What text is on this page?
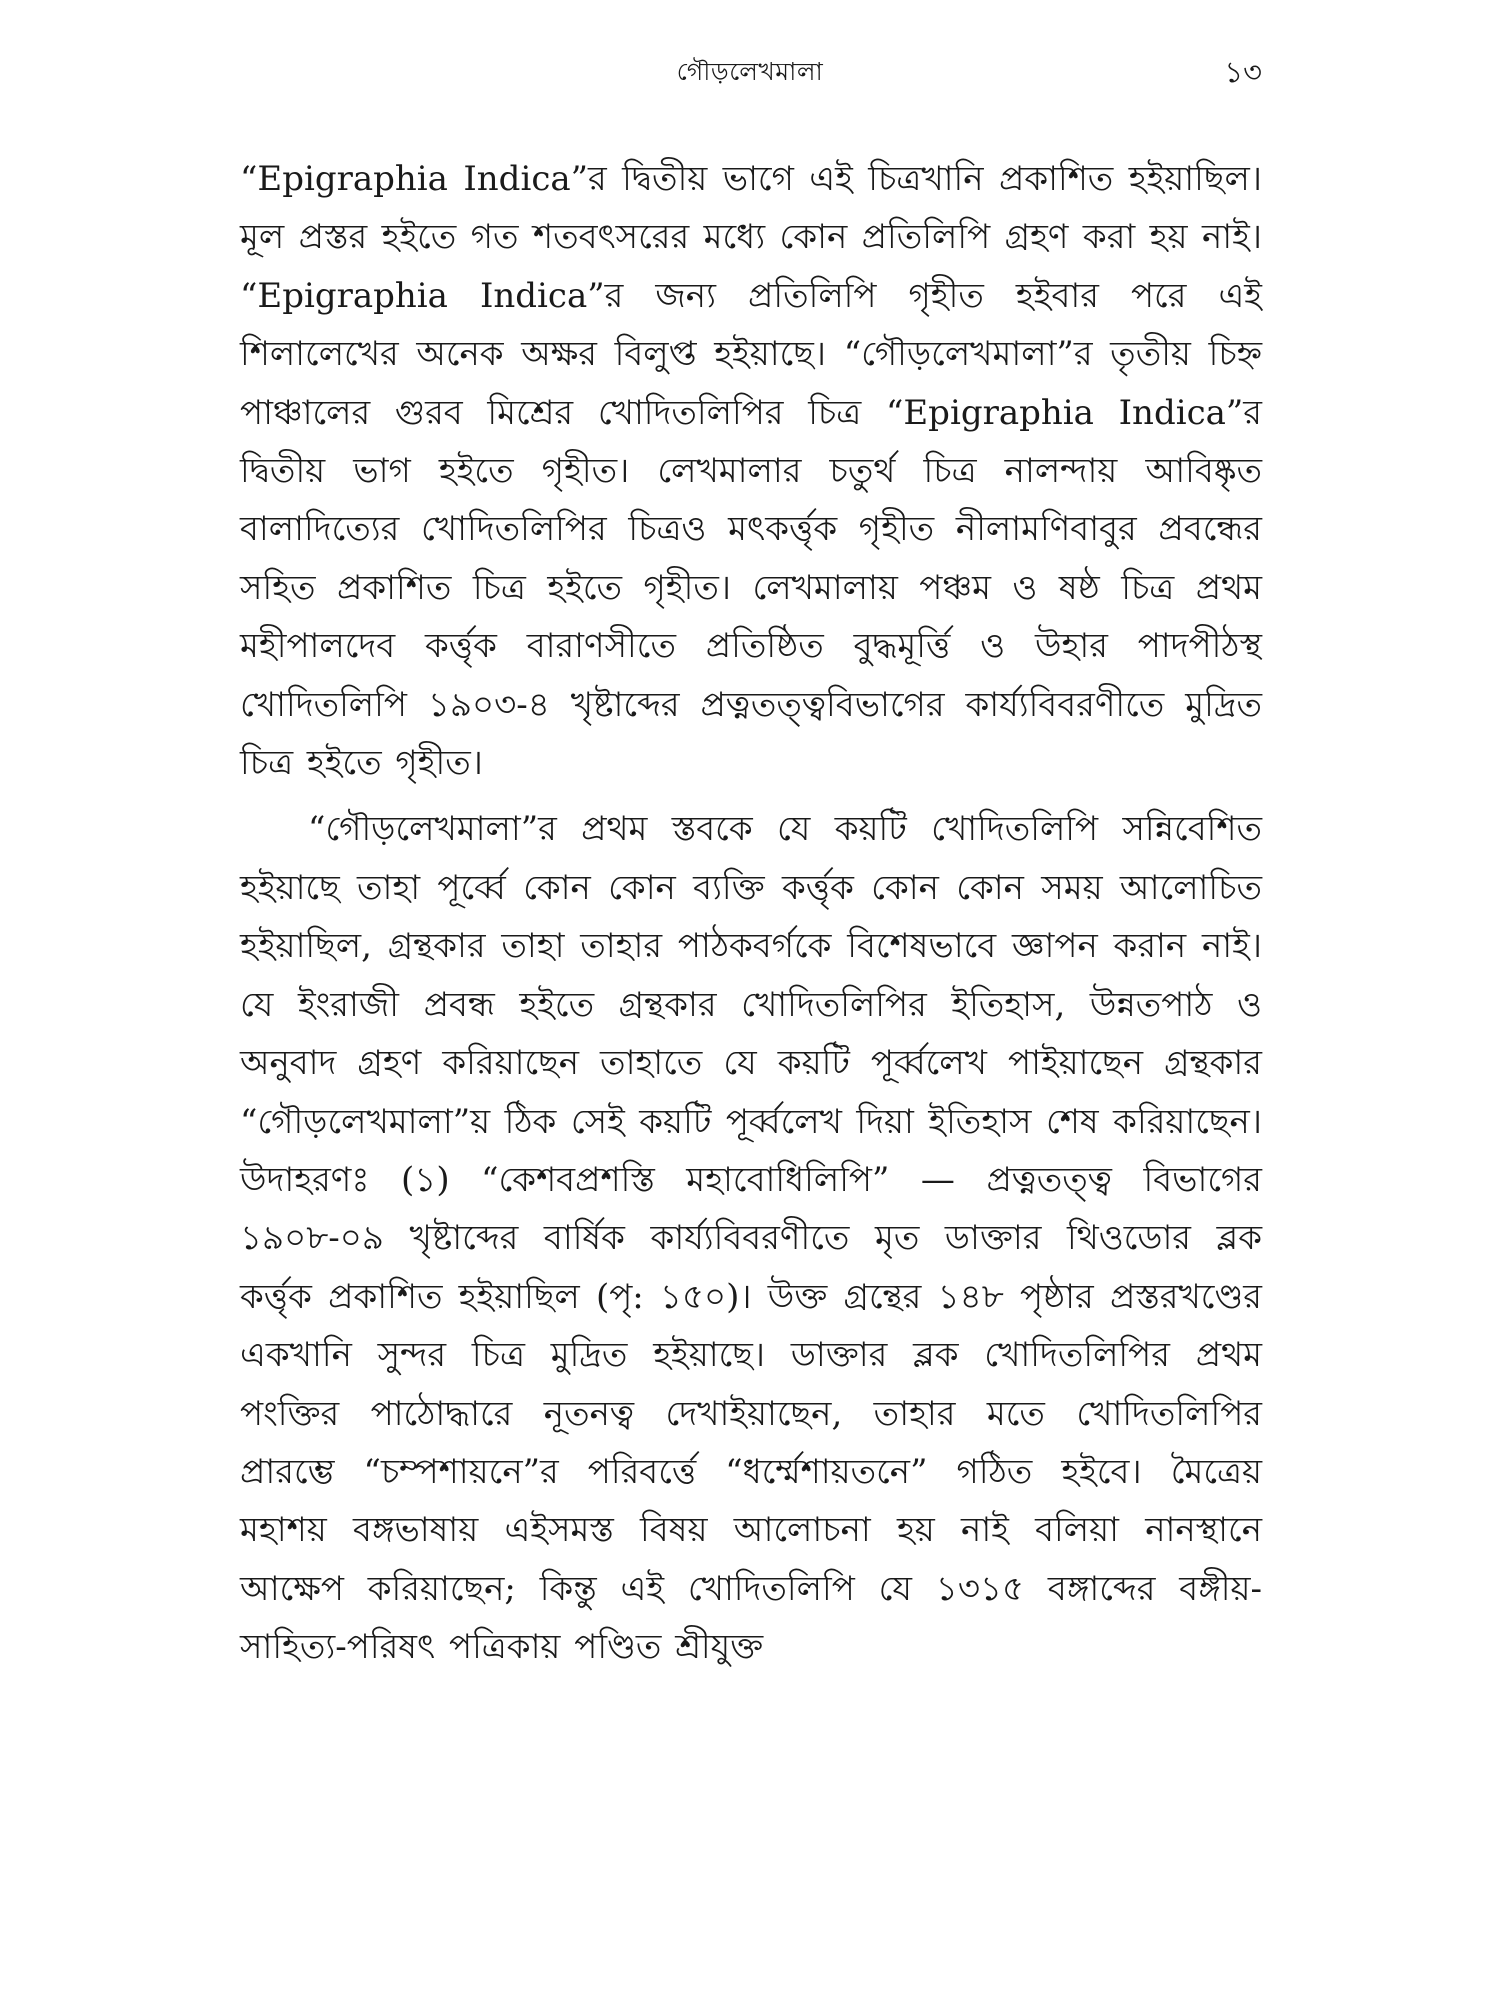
গৌড়লেখমালা	১৩

“Epigraphia Indica”র দ্বিতীয় ভাগে এই চিত্রখানি প্রকাশিত হইয়াছিল। মূল প্রস্তর হইতে গত শতবৎসরের মধ্যে কোন প্রতিলিপি গ্রহণ করা হয় নাই। “Epigraphia Indica”র জন্য প্রতিলিপি গৃহীত হইবার পরে এই শিলালেখের অনেক অক্ষর বিলুপ্ত হইয়াছে। “গৌড়লেখমালা”র তৃতীয় চিহ্ন পাঞ্চালের গুরব মিশ্রের খোদিতলিপির চিত্র “Epigraphia Indica”র দ্বিতীয় ভাগ হইতে গৃহীত। লেখমালার চতুর্থ চিত্র নালন্দায় আবিষ্কৃত বালাদিত্যের খোদিতলিপির চিত্রও মৎকর্ত্তৃক গৃহীত নীলামণিবাবুর প্রবন্ধের সহিত প্রকাশিত চিত্র হইতে গৃহীত। লেখমালায় পঞ্চম ও ষষ্ঠ চিত্র প্রথম মহীপালদেব কর্ত্তৃক বারাণসীতে প্রতিষ্ঠিত বুদ্ধমূর্ত্তি ও উহার পাদপীঠস্থ খোদিতলিপি ১৯০৩-৪ খৃষ্টাব্দের প্রত্নতত্ত্ববিভাগের কার্য্যবিবরণীতে মুদ্রিত চিত্র হইতে গৃহীত।

“গৌড়লেখমালা”র প্রথম স্তবকে যে কয়টি খোদিতলিপি সন্নিবেশিত হইয়াছে তাহা পূর্ব্বে কোন কোন ব্যক্তি কর্ত্তৃক কোন কোন সময় আলোচিত হইয়াছিল, গ্রন্থকার তাহা তাহার পাঠকবর্গকে বিশেষভাবে জ্ঞাপন করান নাই। যে ইংরাজী প্রবন্ধ হইতে গ্রন্থকার খোদিতলিপির ইতিহাস, উন্নতপাঠ ও অনুবাদ গ্রহণ করিয়াছেন তাহাতে যে কয়টি পূর্ব্বলেখ পাইয়াছেন গ্রন্থকার “গৌড়লেখমালা”য় ঠিক সেই কয়টি পূর্ব্বলেখ দিয়া ইতিহাস শেষ করিয়াছেন। উদাহরণঃ (১) “কেশবপ্রশস্তি মহাবোধিলিপি” — প্রত্নতত্ত্ব বিভাগের ১৯০৮-০৯ খৃষ্টাব্দের বার্ষিক কার্য্যবিবরণীতে মৃত ডাক্তার থিওডোর ব্লক কর্ত্তৃক প্রকাশিত হইয়াছিল (পৃ: ১৫০)। উক্ত গ্রন্থের ১৪৮ পৃষ্ঠার প্রস্তরখণ্ডের একখানি সুন্দর চিত্র মুদ্রিত হইয়াছে। ডাক্তার ব্লক খোদিতলিপির প্রথম পংক্তির পাঠোদ্ধারে নূতনত্ব দেখাইয়াছেন, তাহার মতে খোদিতলিপির প্রারম্ভে “চম্পশায়নে”র পরিবর্ত্তে “ধর্ম্মেশায়তনে” গঠিত হইবে। মৈত্রেয় মহাশয় বঙ্গভাষায় এইসমস্ত বিষয় আলোচনা হয় নাই বলিয়া নানস্থানে আক্ষেপ করিয়াছেন; কিন্তু এই খোদিতলিপি যে ১৩১৫ বঙ্গাব্দের বঙ্গীয়-সাহিত্য-পরিষৎ পত্রিকায় পণ্ডিত শ্রীযুক্ত
